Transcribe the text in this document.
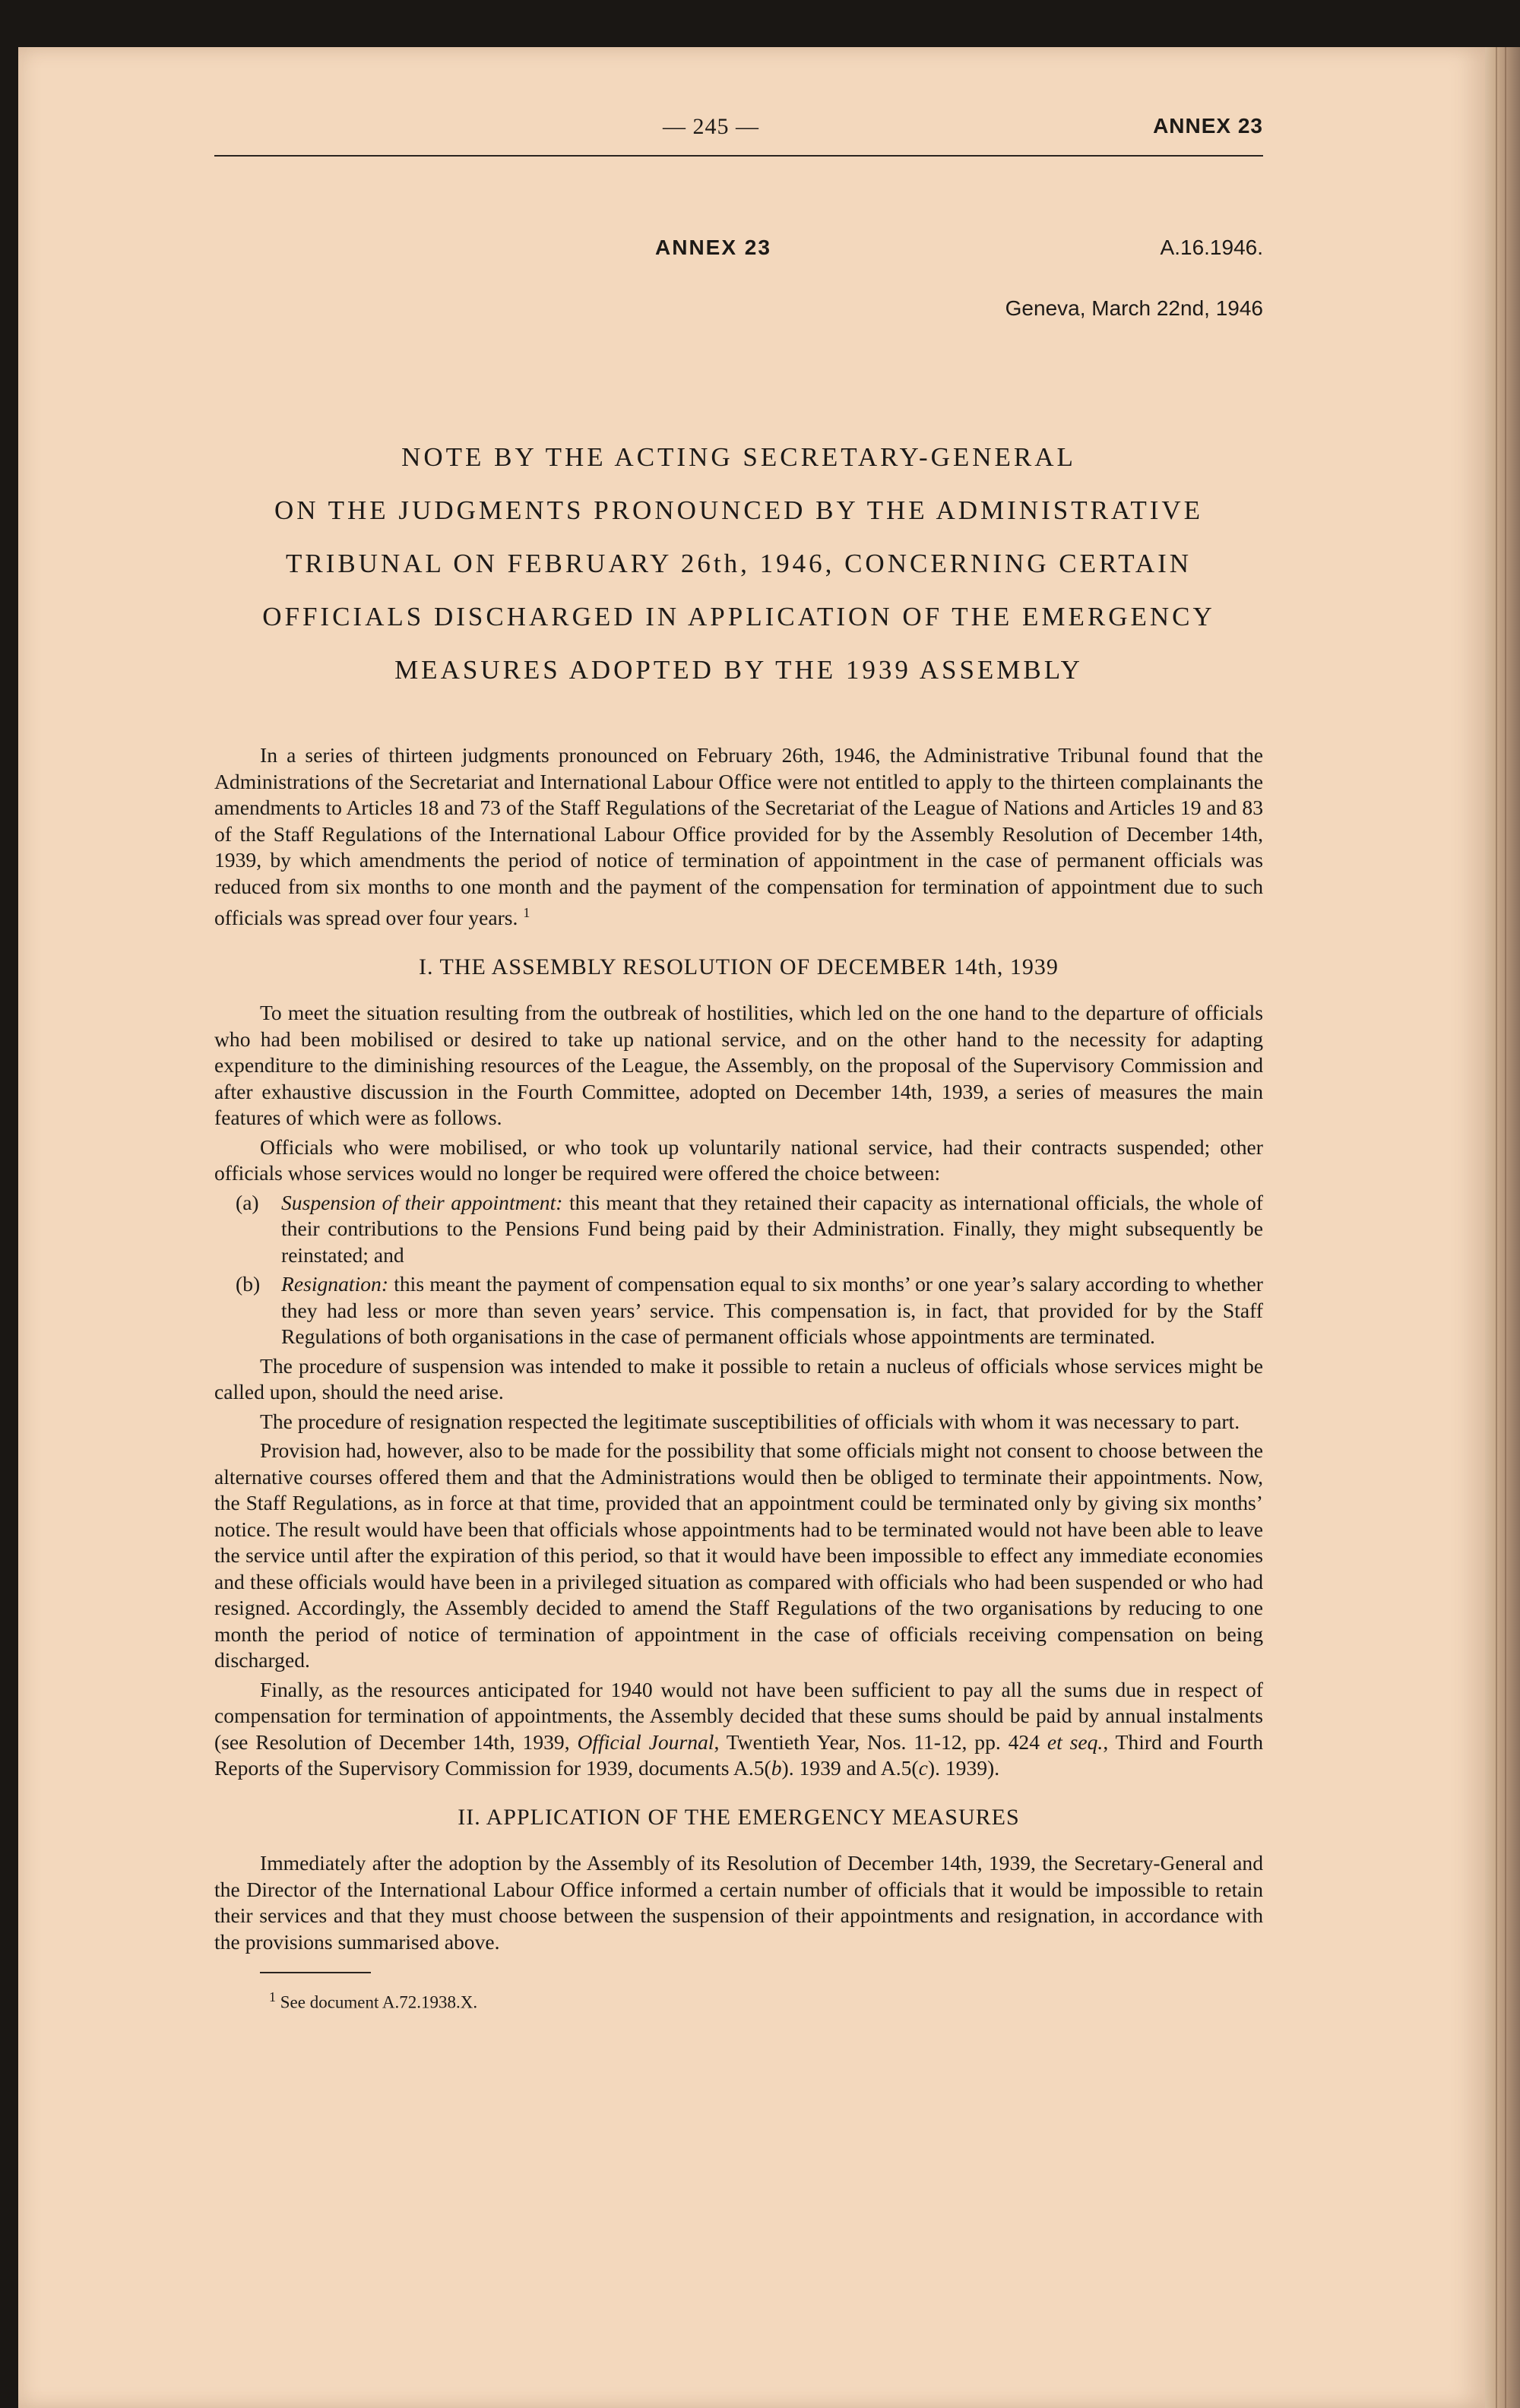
— 245 —	ANNEX 23
ANNEX 23	A.16.1946.
Geneva, March 22nd, 1946
NOTE BY THE ACTING SECRETARY-GENERAL
ON THE JUDGMENTS PRONOUNCED BY THE ADMINISTRATIVE
TRIBUNAL ON FEBRUARY 26th, 1946, CONCERNING CERTAIN
OFFICIALS DISCHARGED IN APPLICATION OF THE EMERGENCY
MEASURES ADOPTED BY THE 1939 ASSEMBLY

In a series of thirteen judgments pronounced on February 26th, 1946, the Administrative Tribunal found that the Administrations of the Secretariat and International Labour Office were not entitled to apply to the thirteen complainants the amendments to Articles 18 and 73 of the Staff Regulations of the Secretariat of the League of Nations and Articles 19 and 83 of the Staff Regulations of the International Labour Office provided for by the Assembly Resolution of December 14th, 1939, by which amendments the period of notice of termination of appointment in the case of permanent officials was reduced from six months to one month and the payment of the compensation for termination of appointment due to such officials was spread over four years. $^1$

I. THE ASSEMBLY RESOLUTION OF DECEMBER 14th, 1939

To meet the situation resulting from the outbreak of hostilities, which led on the one hand to the departure of officials who had been mobilised or desired to take up national service, and on the other hand to the necessity for adapting expenditure to the diminishing resources of the League, the Assembly, on the proposal of the Supervisory Commission and after exhaustive discussion in the Fourth Committee, adopted on December 14th, 1939, a series of measures the main features of which were as follows.

Officials who were mobilised, or who took up voluntarily national service, had their contracts suspended; other officials whose services would no longer be required were offered the choice between:

(a) Suspension of their appointment: this meant that they retained their capacity as international officials, the whole of their contributions to the Pensions Fund being paid by their Administration. Finally, they might subsequently be reinstated; and
(b) Resignation: this meant the payment of compensation equal to six months’ or one year’s salary according to whether they had less or more than seven years’ service. This compensation is, in fact, that provided for by the Staff Regulations of both organisations in the case of permanent officials whose appointments are terminated.

The procedure of suspension was intended to make it possible to retain a nucleus of officials whose services might be called upon, should the need arise.

The procedure of resignation respected the legitimate susceptibilities of officials with whom it was necessary to part.

Provision had, however, also to be made for the possibility that some officials might not consent to choose between the alternative courses offered them and that the Administrations would then be obliged to terminate their appointments. Now, the Staff Regulations, as in force at that time, provided that an appointment could be terminated only by giving six months’ notice. The result would have been that officials whose appointments had to be terminated would not have been able to leave the service until after the expiration of this period, so that it would have been impossible to effect any immediate economies and these officials would have been in a privileged situation as compared with officials who had been suspended or who had resigned. Accordingly, the Assembly decided to amend the Staff Regulations of the two organisations by reducing to one month the period of notice of termination of appointment in the case of officials receiving compensation on being discharged.

Finally, as the resources anticipated for 1940 would not have been sufficient to pay all the sums due in respect of compensation for termination of appointments, the Assembly decided that these sums should be paid by annual instalments (see Resolution of December 14th, 1939, Official Journal, Twentieth Year, Nos. 11-12, pp. 424 et seq., Third and Fourth Reports of the Supervisory Commission for 1939, documents A.5(b). 1939 and A.5(c). 1939).

II. APPLICATION OF THE EMERGENCY MEASURES

Immediately after the adoption by the Assembly of its Resolution of December 14th, 1939, the Secretary-General and the Director of the International Labour Office informed a certain number of officials that it would be impossible to retain their services and that they must choose between the suspension of their appointments and resignation, in accordance with the provisions summarised above.

$^1$ See document A.72.1938.X.
